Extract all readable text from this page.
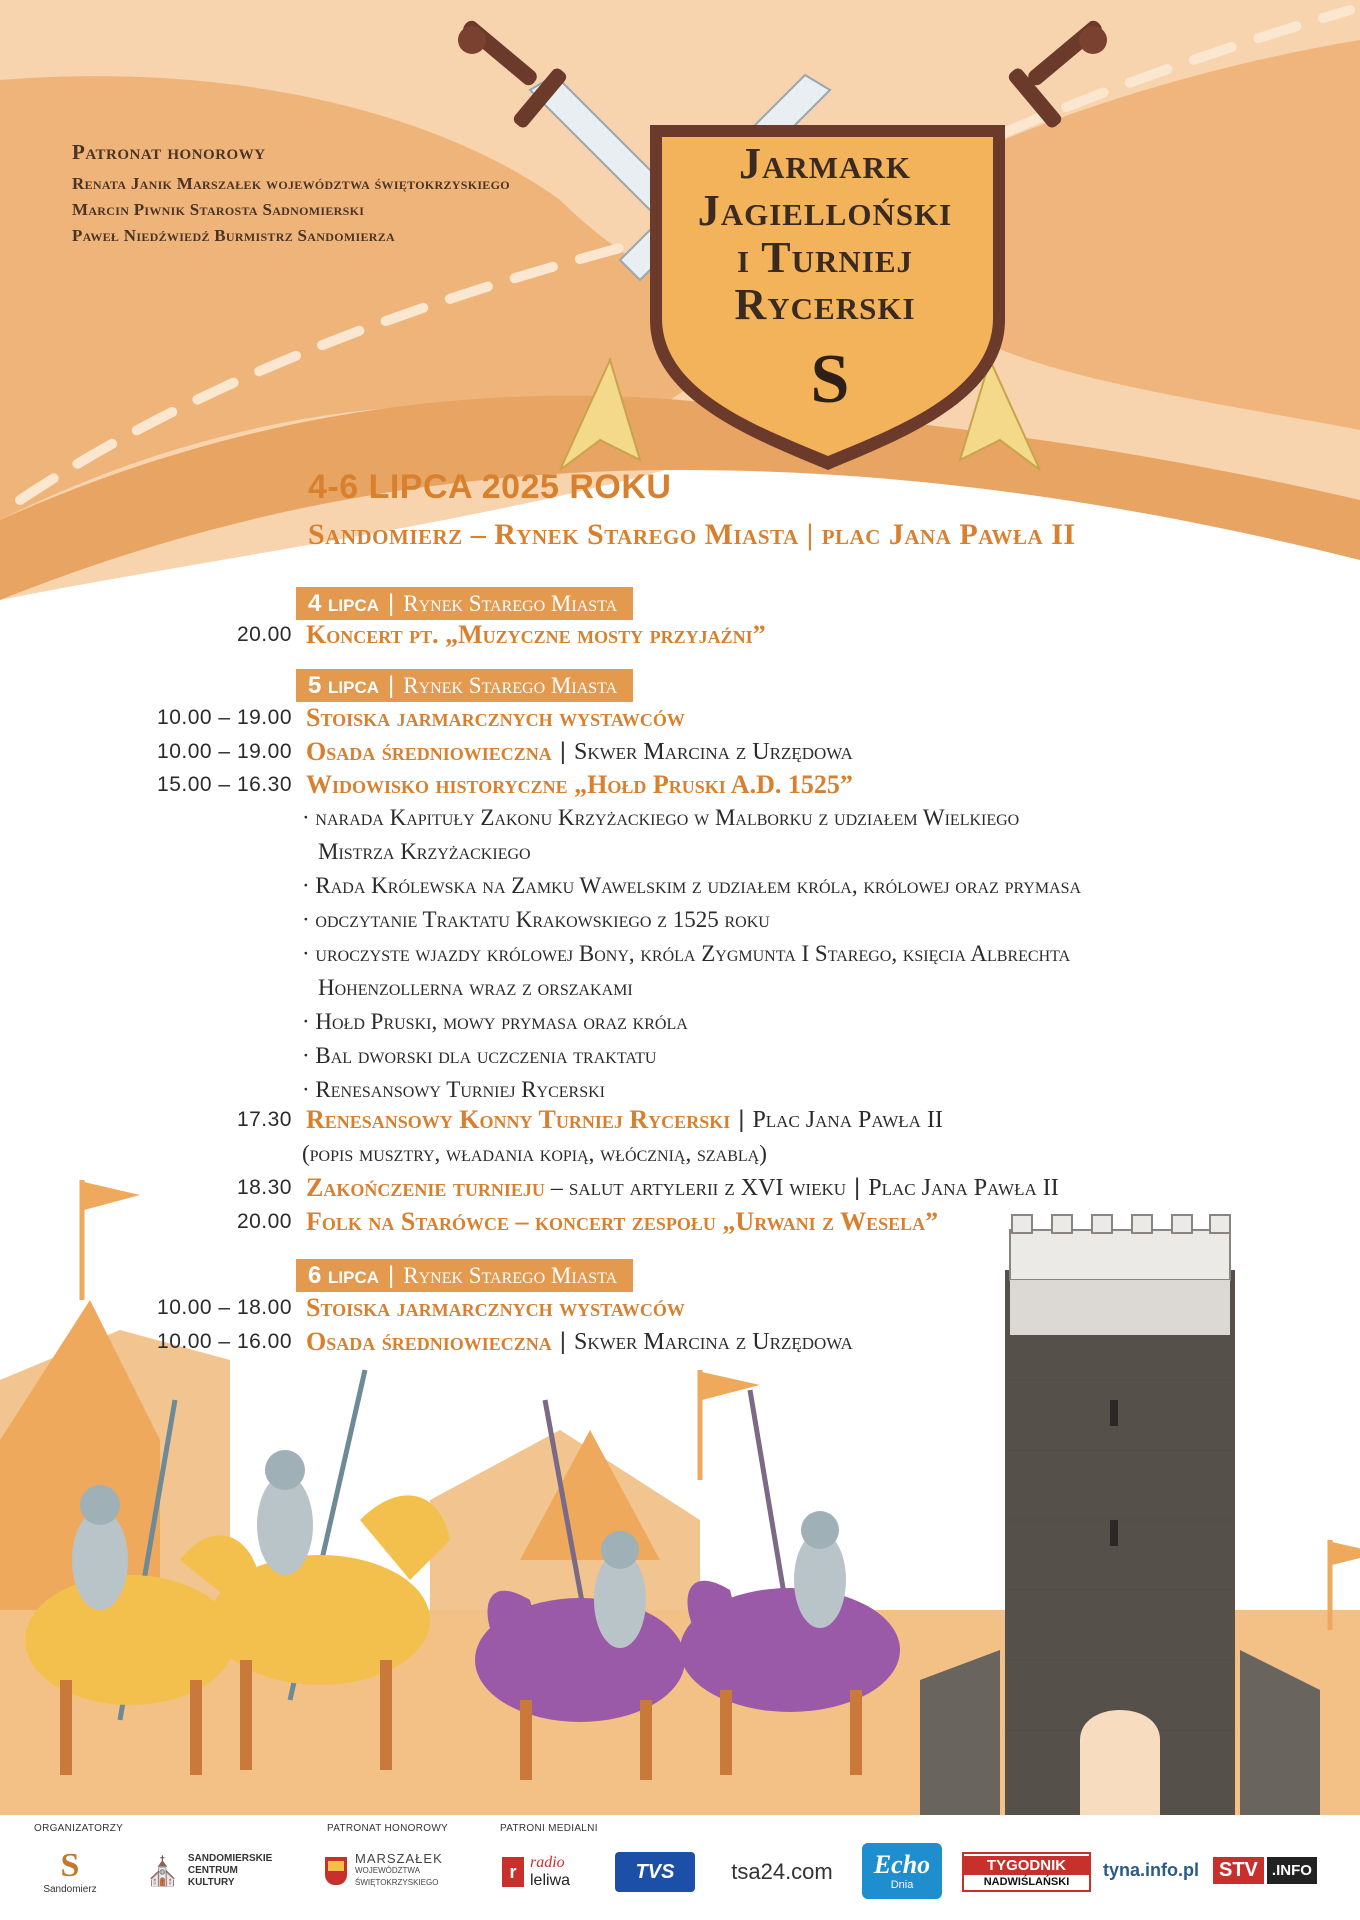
Patronat honorowy
Renata Janik Marszałek województwa świętokrzyskiego
Marcin Piwnik Starosta Sadnomierski
Paweł Niedźwiedź Burmistrz Sandomierza
Jarmark
Jagielloński
i Turniej
Rycerski
S
4-6 LIPCA 2025 ROKU
Sandomierz – Rynek Starego Miasta | plac Jana Pawła II
4 lipca | Rynek Starego Miasta
20.00 Koncert pt. „Muzyczne mosty przyjaźni”
5 lipca | Rynek Starego Miasta
10.00 – 19.00 Stoiska jarmarcznych wystawców
10.00 – 19.00 Osada średniowieczna | Skwer Marcina z Urzędowa
15.00 – 16.30 Widowisko historyczne „Hołd Pruski A.D. 1525”
· narada Kapituły Zakonu Krzyżackiego w Malborku z udziałem Wielkiego
Mistrza Krzyżackiego
· Rada Królewska na Zamku Wawelskim z udziałem króla, królowej oraz prymasa
· odczytanie Traktatu Krakowskiego z 1525 roku
· uroczyste wjazdy królowej Bony, króla Zygmunta I Starego, księcia Albrechta
Hohenzollerna wraz z orszakami
· Hołd Pruski, mowy prymasa oraz króla
· Bal dworski dla uczczenia traktatu
· Renesansowy Turniej Rycerski
17.30 Renesansowy Konny Turniej Rycerski | Plac Jana Pawła II
(popis musztry, władania kopią, włócznią, szablą)
18.30 Zakończenie turnieju – salut artylerii z XVI wieku | Plac Jana Pawła II
20.00 Folk na Starówce – koncert zespołu „Urwani z Wesela”
6 lipca | Rynek Starego Miasta
10.00 – 18.00 Stoiska jarmarcznych wystawców
10.00 – 16.00 Osada średniowieczna | Skwer Marcina z Urzędowa
ORGANIZATORZY	PATRONAT HONOROWY	PATRONI MEDIALNI
S
Sandomierz
⛪ SANDOMIERSKIE
CENTRUM
KULTURY
MARSZAŁEK
WOJEWÓDZTWA
ŚWIĘTOKRZYSKIEGO
r radio
leliwa	TVS	tsa24.com Echo
Dnia
TYGODNIK
NADWIŚLAŃSKI
tyna.info.pl	STV .INFO
